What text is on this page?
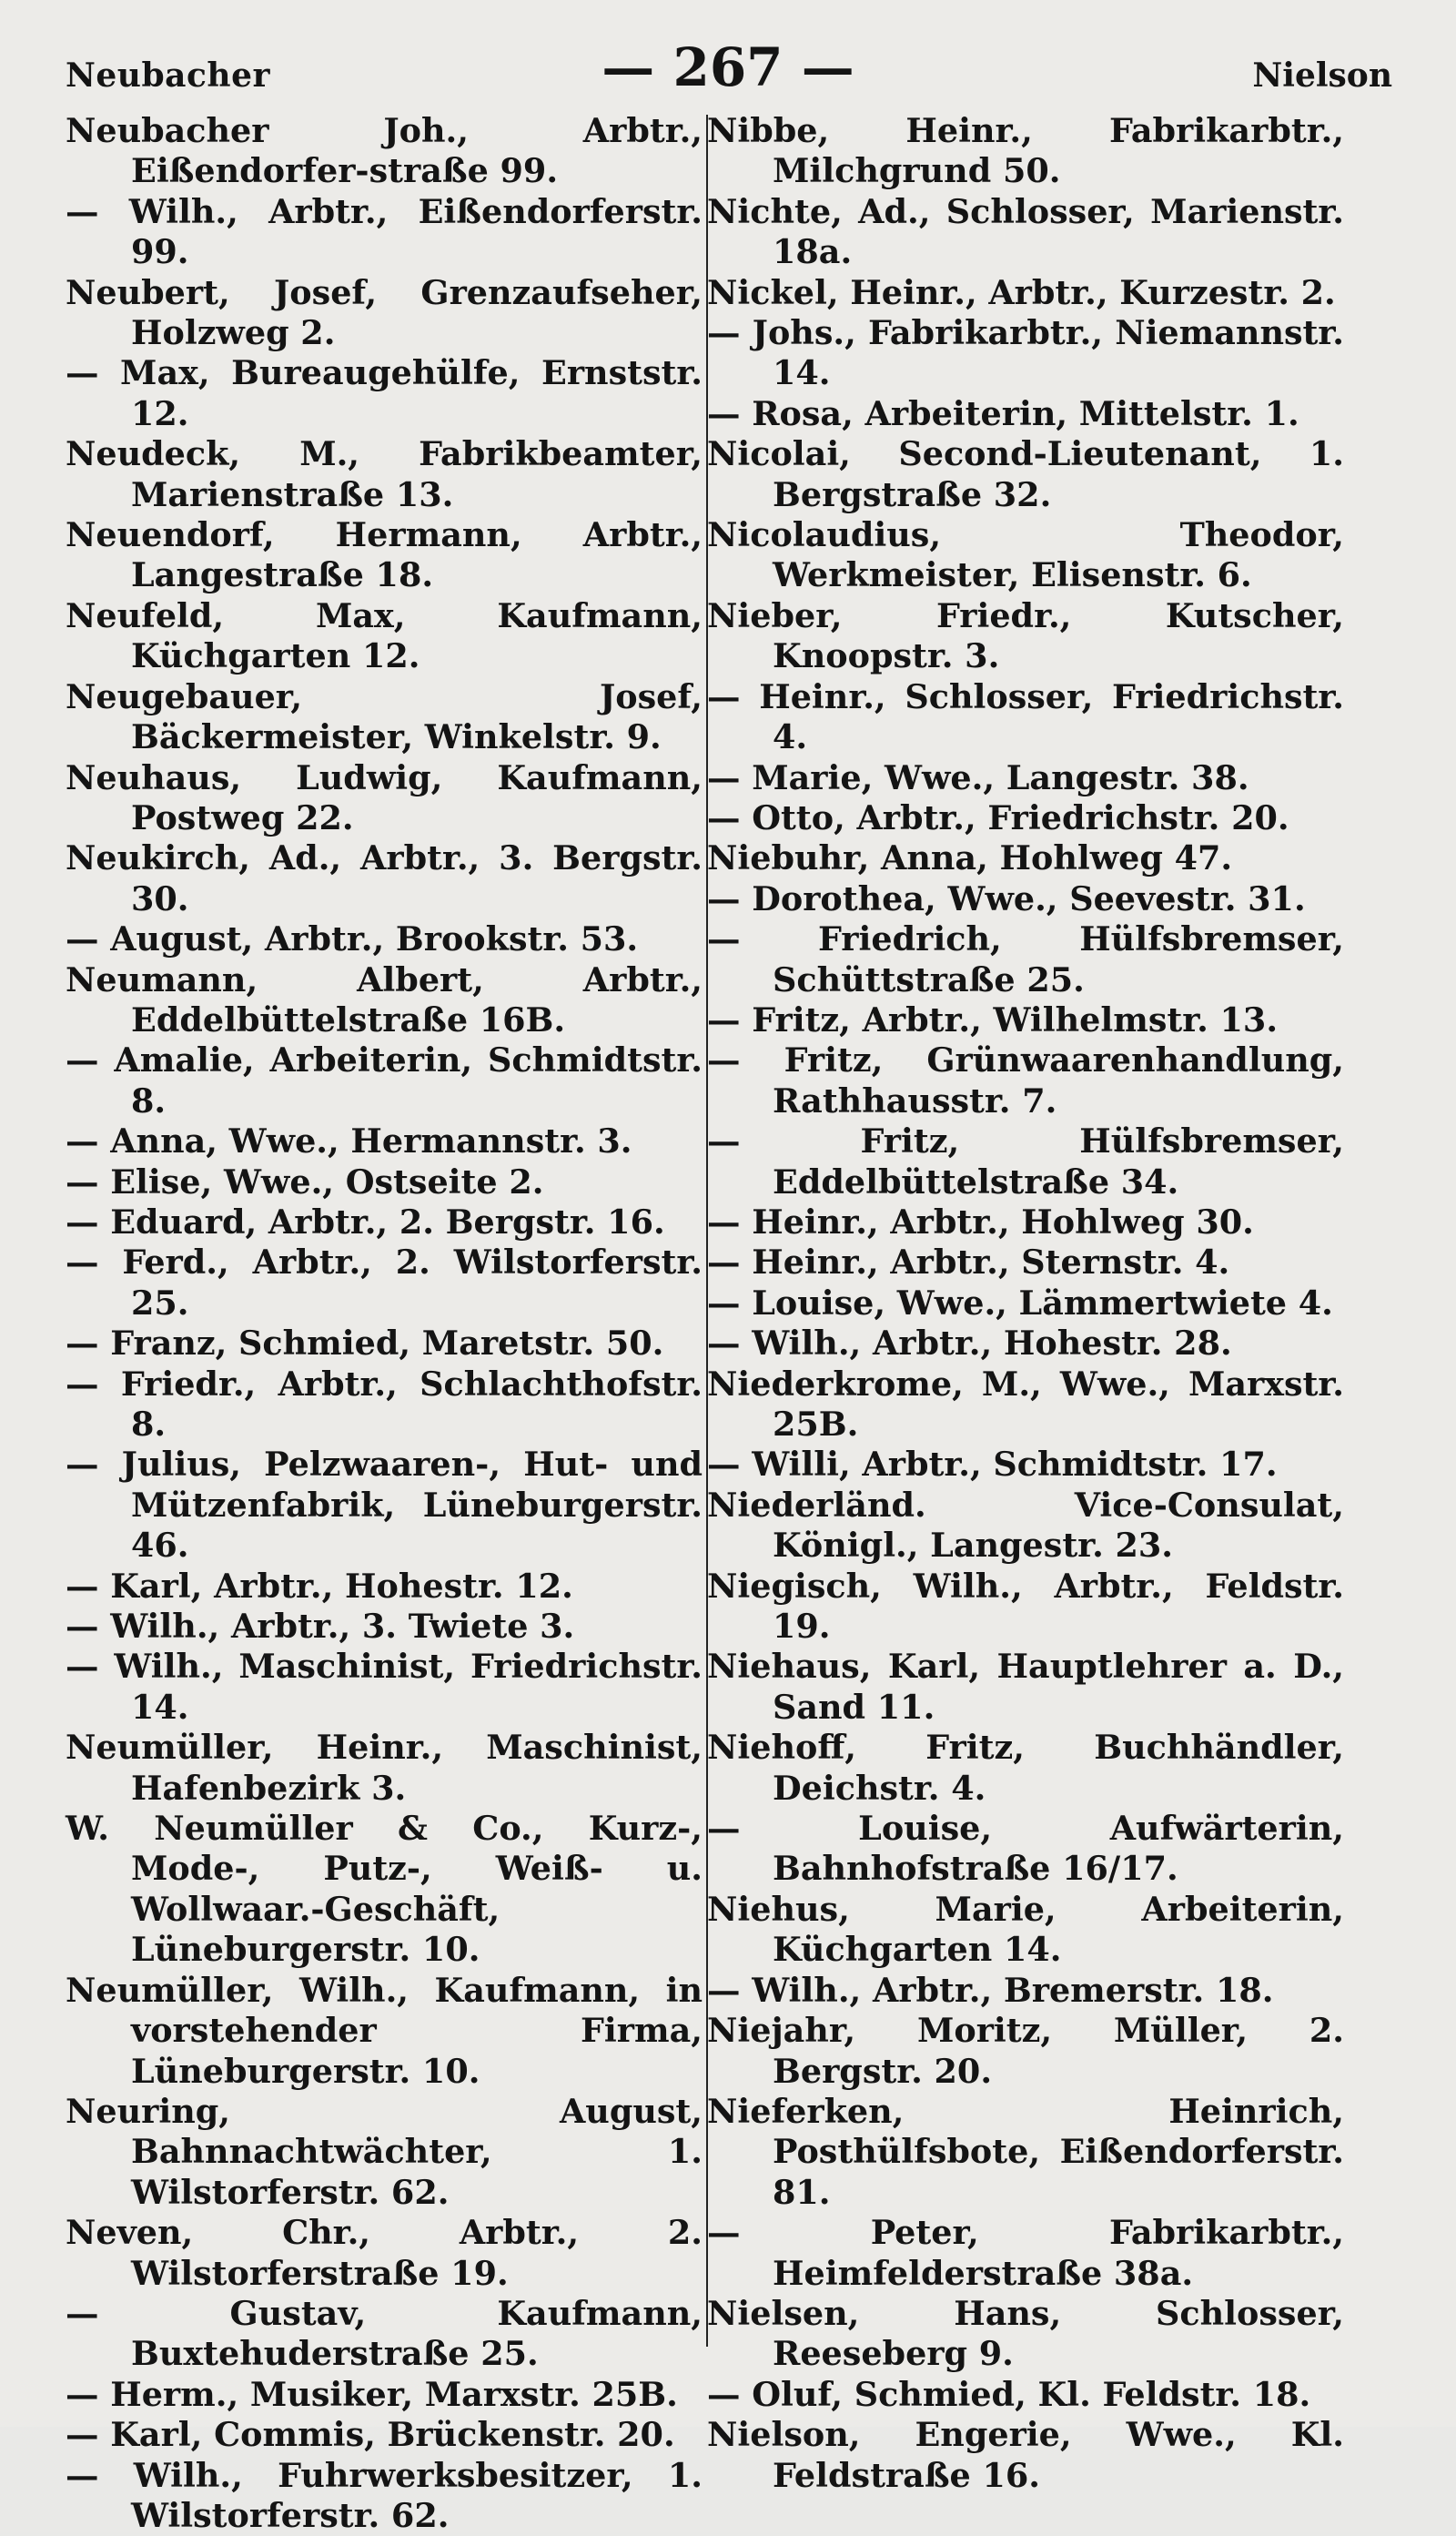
Neubacher	— 267 —	Nielson
Neubacher Joh., Arbtr., Eißendorfer-straße 99.
— Wilh., Arbtr., Eißendorferstr. 99.
Neubert, Josef, Grenzaufseher, Holzweg 2.
— Max, Bureaugehülfe, Ernststr. 12.
Neudeck, M., Fabrikbeamter, Marienstraße 13.
Neuendorf, Hermann, Arbtr., Langestraße 18.
Neufeld, Max, Kaufmann, Küchgarten 12.
Neugebauer, Josef, Bäckermeister, Winkelstr. 9.
Neuhaus, Ludwig, Kaufmann, Postweg 22.
Neukirch, Ad., Arbtr., 3. Bergstr. 30.
— August, Arbtr., Brookstr. 53.
Neumann, Albert, Arbtr., Eddelbüttelstraße 16B.
— Amalie, Arbeiterin, Schmidtstr. 8.
— Anna, Wwe., Hermannstr. 3.
— Elise, Wwe., Ostseite 2.
— Eduard, Arbtr., 2. Bergstr. 16.
— Ferd., Arbtr., 2. Wilstorferstr. 25.
— Franz, Schmied, Maretstr. 50.
— Friedr., Arbtr., Schlachthofstr. 8.
— Julius, Pelzwaaren-, Hut- und Mützenfabrik, Lüneburgerstr. 46.
— Karl, Arbtr., Hohestr. 12.
— Wilh., Arbtr., 3. Twiete 3.
— Wilh., Maschinist, Friedrichstr. 14.
Neumüller, Heinr., Maschinist, Hafenbezirk 3.
W. Neumüller & Co., Kurz-, Mode-, Putz-, Weiß- u. Wollwaar.-Geschäft, Lüneburgerstr. 10.
Neumüller, Wilh., Kaufmann, in vorstehender Firma, Lüneburgerstr. 10.
Neuring, August, Bahnnachtwächter, 1. Wilstorferstr. 62.
Neven, Chr., Arbtr., 2. Wilstorferstraße 19.
— Gustav, Kaufmann, Buxtehuderstraße 25.
— Herm., Musiker, Marxstr. 25B.
— Karl, Commis, Brückenstr. 20.
— Wilh., Fuhrwerksbesitzer, 1. Wilstorferstr. 62.
Nibbe, Heinr., Fabrikarbtr., Milchgrund 50.
Nichte, Ad., Schlosser, Marienstr. 18a.
Nickel, Heinr., Arbtr., Kurzestr. 2.
— Johs., Fabrikarbtr., Niemannstr. 14.
— Rosa, Arbeiterin, Mittelstr. 1.
Nicolai, Second-Lieutenant, 1. Bergstraße 32.
Nicolaudius, Theodor, Werkmeister, Elisenstr. 6.
Nieber, Friedr., Kutscher, Knoopstr. 3.
— Heinr., Schlosser, Friedrichstr. 4.
— Marie, Wwe., Langestr. 38.
— Otto, Arbtr., Friedrichstr. 20.
Niebuhr, Anna, Hohlweg 47.
— Dorothea, Wwe., Seevestr. 31.
— Friedrich, Hülfsbremser, Schüttstraße 25.
— Fritz, Arbtr., Wilhelmstr. 13.
— Fritz, Grünwaarenhandlung, Rathhausstr. 7.
— Fritz, Hülfsbremser, Eddelbüttelstraße 34.
— Heinr., Arbtr., Hohlweg 30.
— Heinr., Arbtr., Sternstr. 4.
— Louise, Wwe., Lämmertwiete 4.
— Wilh., Arbtr., Hohestr. 28.
Niederkrome, M., Wwe., Marxstr. 25B.
— Willi, Arbtr., Schmidtstr. 17.
Niederländ. Vice-Consulat, Königl., Langestr. 23.
Niegisch, Wilh., Arbtr., Feldstr. 19.
Niehaus, Karl, Hauptlehrer a. D., Sand 11.
Niehoff, Fritz, Buchhändler, Deichstr. 4.
— Louise, Aufwärterin, Bahnhofstraße 16/17.
Niehus, Marie, Arbeiterin, Küchgarten 14.
— Wilh., Arbtr., Bremerstr. 18.
Niejahr, Moritz, Müller, 2. Bergstr. 20.
Nieferken, Heinrich, Posthülfsbote, Eißendorferstr. 81.
— Peter, Fabrikarbtr., Heimfelderstraße 38a.
Nielsen, Hans, Schlosser, Reeseberg 9.
— Oluf, Schmied, Kl. Feldstr. 18.
Nielson, Engerie, Wwe., Kl. Feldstraße 16.
